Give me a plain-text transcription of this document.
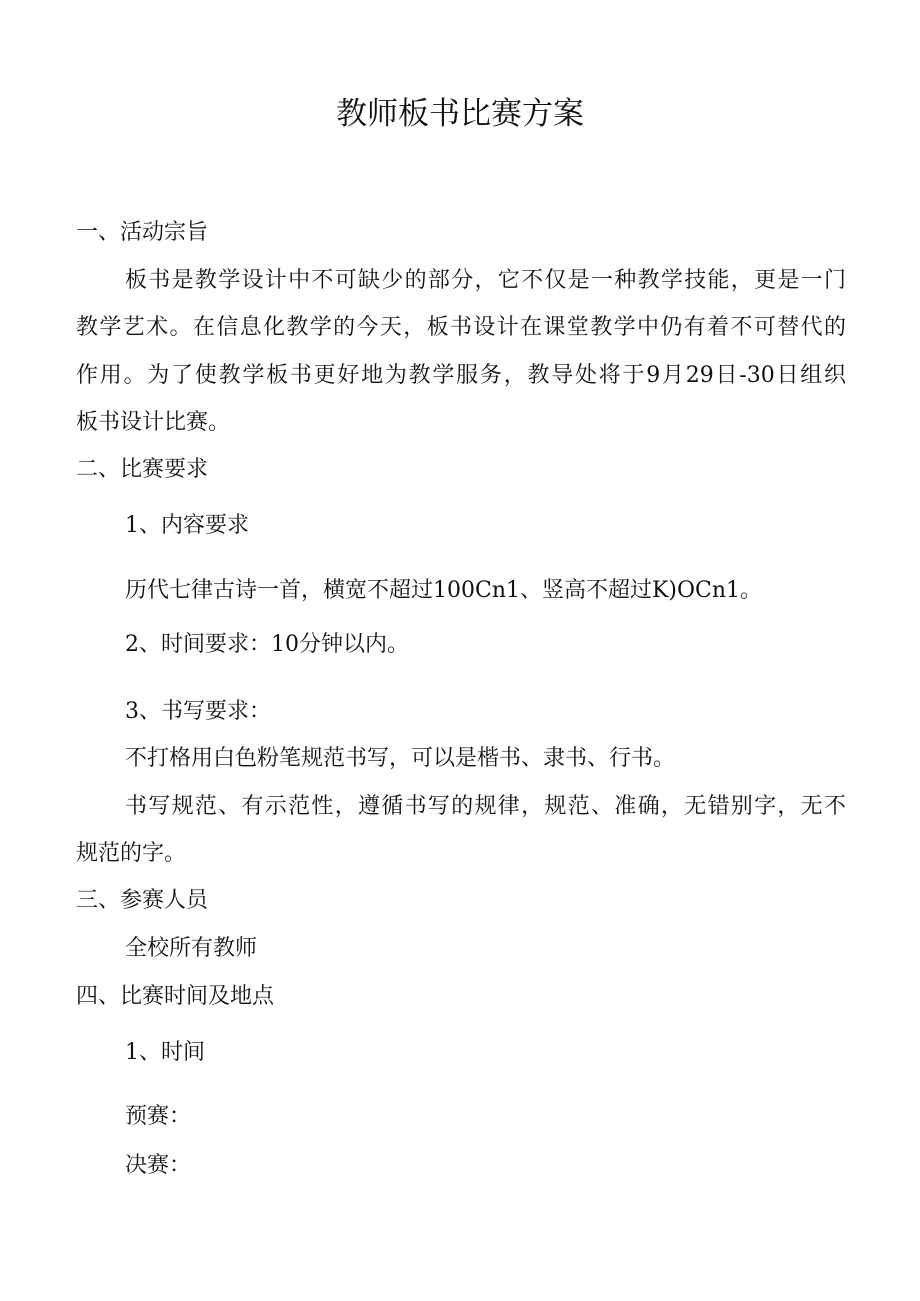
教师板书比赛方案

一、活动宗旨

板书是教学设计中不可缺少的部分，它不仅是一种教学技能，更是一门

教学艺术。在信息化教学的今天，板书设计在课堂教学中仍有着不可替代的

作用。为了使教学板书更好地为教学服务，教导处将于9月29日-30日组织

板书设计比赛。

二、比赛要求

1、内容要求

历代七律古诗一首，横宽不超过100Cn1、竖高不超过K)OCn1。

2、时间要求：10分钟以内。

3、书写要求：

不打格用白色粉笔规范书写，可以是楷书、隶书、行书。

书写规范、有示范性，遵循书写的规律，规范、准确，无错别字，无不

规范的字。

三、参赛人员

全校所有教师

四、比赛时间及地点

1、时间

预赛：

决赛：
